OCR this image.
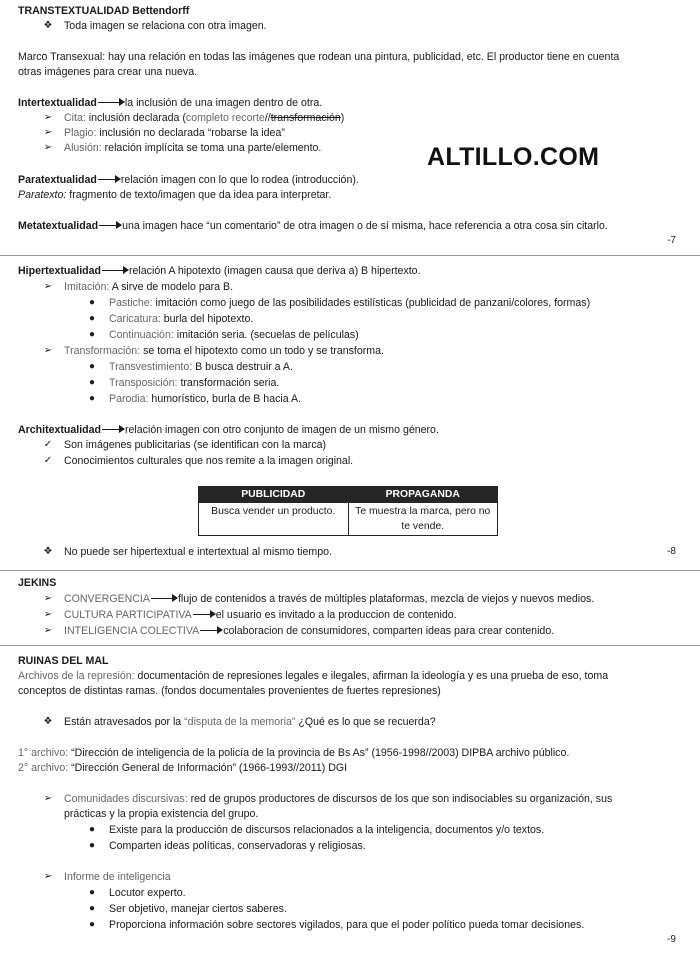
ALTILLO.COM
TRANSTEXTUALIDAD Bettendorff
❖	Toda imagen se relaciona con otra imagen.
Marco Transexual: hay una relación en todas las imágenes que rodean una pintura, publicidad, etc. El productor tiene en cuenta
otras imágenes para crear una nueva.
Intertextualidad	la inclusión de una imagen dentro de otra.
➢	Cita: inclusión declarada (completo recorte//transformación)
➢	Plagio: inclusión no declarada “robarse la idea”
➢	Alusión: relación implícita se toma una parte/elemento.
Paratextualidad relación imagen con lo que lo rodea (introducción).
Paratexto: fragmento de texto/imagen que da idea para interpretar.
Metatextualidad una imagen hace “un comentario” de otra imagen o de sí misma, hace referencia a otra cosa sin citarlo.
-7
Hipertextualidad	relación A hipotexto (imagen causa que deriva a) B hipertexto.
➢	Imitación: A sirve de modelo para B.
●	Pastiche: imitación como juego de las posibilidades estilísticas (publicidad de panzani/colores, formas)
●	Caricatura: burla del hipotexto.
●	Continuación: imitación seria. (secuelas de películas)
➢	Transformación: se toma el hipotexto como un todo y se transforma.
●	Transvestimiento: B busca destruir a A.
●	Transposición: transformación seria.
●	Parodia: humorístico, burla de B hacia A.
Architextualidad relación imagen con otro conjunto de imagen de un mismo género.
✓	Son imágenes publicitarias (se identifican con la marca)
✓	Conocimientos culturales que nos remite a la imagen original.
PUBLICIDAD	PROPAGANDA
Busca vender un producto.	Te muestra la marca, pero no te vende.
❖	No puede ser hipertextual e intertextual al mismo tiempo.	-8
JEKINS
➢	CONVERGENCIA	flujo de contenidos a través de múltiples plataformas, mezcla de viejos y nuevos medios.
➢	CULTURA PARTICIPATIVA el usuario es invitado a la produccion de contenido.
➢	INTELIGENCIA COLECTIVA colaboracion de consumidores, comparten ideas para crear contenido.
RUINAS DEL MAL
Archivos de la represión: documentación de represiones legales e ilegales, afirman la ideología y es una prueba de eso, toma
conceptos de distintas ramas. (fondos documentales provenientes de fuertes represiones)
❖	Están atravesados por la “disputa de la memoria” ¿Qué es lo que se recuerda?
1° archivo: “Dirección de inteligencia de la policía de la provincia de Bs As” (1956-1998//2003) DIPBA archivo público.
2° archivo: “Dirección General de Información” (1966-1993//2011) DGI
➢	Comunidades discursivas: red de grupos productores de discursos de los que son indisociables su organización, sus
prácticas y la propia existencia del grupo.
●	Existe para la producción de discursos relacionados a la inteligencia, documentos y/o textos.
●	Comparten ideas políticas, conservadoras y religiosas.
➢	Informe de inteligencia
●	Locutor experto.
●	Ser objetivo, manejar ciertos saberes.
●	Proporciona información sobre sectores vigilados, para que el poder político pueda tomar decisiones.
-9
